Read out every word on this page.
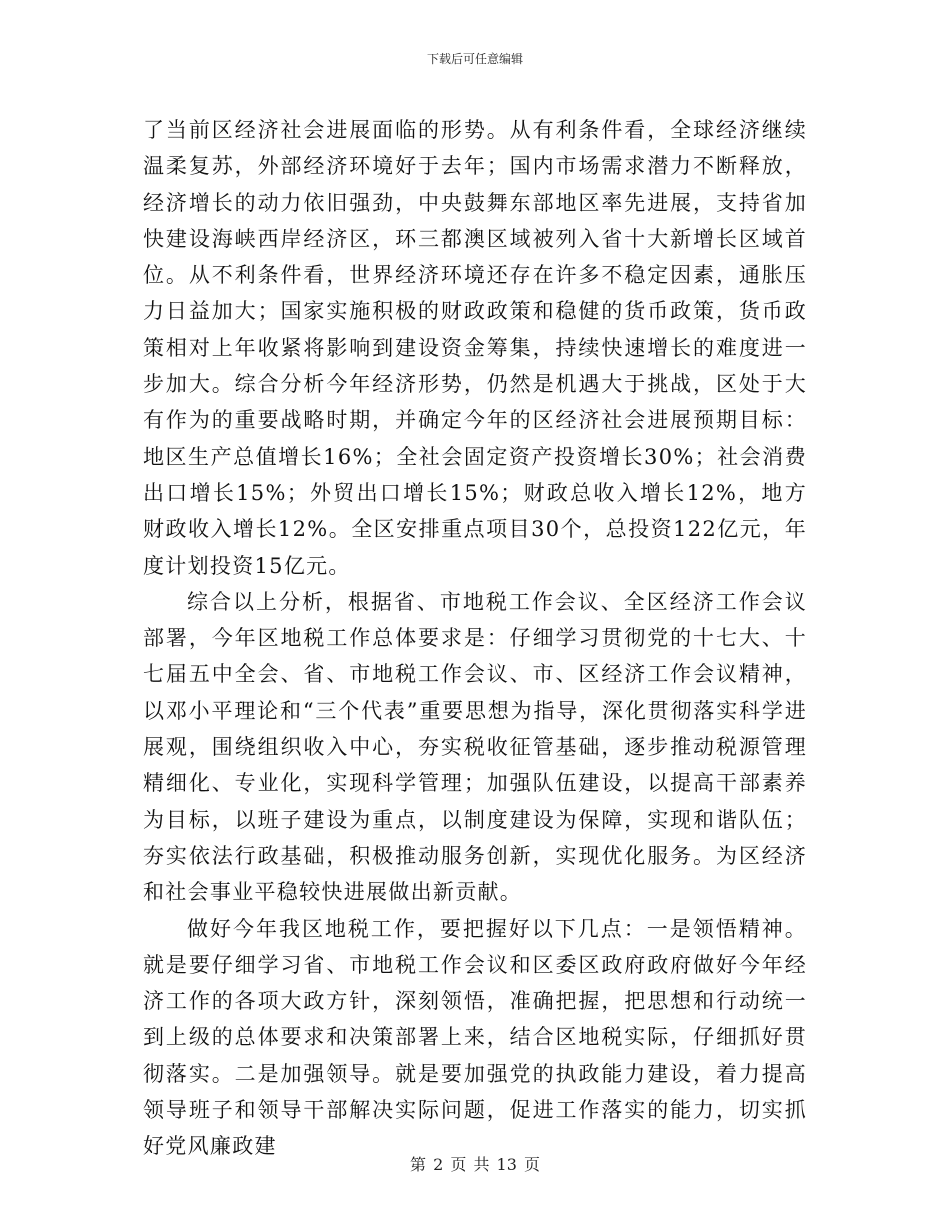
下载后可任意编辑

了当前区经济社会进展面临的形势。从有利条件看，全球经济继续温柔复苏，外部经济环境好于去年；国内市场需求潜力不断释放，经济增长的动力依旧强劲，中央鼓舞东部地区率先进展，支持省加快建设海峡西岸经济区，环三都澳区域被列入省十大新增长区域首位。从不利条件看，世界经济环境还存在许多不稳定因素，通胀压力日益加大；国家实施积极的财政政策和稳健的货币政策，货币政策相对上年收紧将影响到建设资金筹集，持续快速增长的难度进一步加大。综合分析今年经济形势，仍然是机遇大于挑战，区处于大有作为的重要战略时期，并确定今年的区经济社会进展预期目标：地区生产总值增长16%；全社会固定资产投资增长30%；社会消费出口增长15%；外贸出口增长15%；财政总收入增长12%，地方财政收入增长12%。全区安排重点项目30个，总投资122亿元，年度计划投资15亿元。

综合以上分析，根据省、市地税工作会议、全区经济工作会议部署，今年区地税工作总体要求是：仔细学习贯彻党的十七大、十七届五中全会、省、市地税工作会议、市、区经济工作会议精神，以邓小平理论和“三个代表”重要思想为指导，深化贯彻落实科学进展观，围绕组织收入中心，夯实税收征管基础，逐步推动税源管理精细化、专业化，实现科学管理；加强队伍建设，以提高干部素养为目标，以班子建设为重点，以制度建设为保障，实现和谐队伍；夯实依法行政基础，积极推动服务创新，实现优化服务。为区经济和社会事业平稳较快进展做出新贡献。

做好今年我区地税工作，要把握好以下几点：一是领悟精神。就是要仔细学习省、市地税工作会议和区委区政府政府做好今年经济工作的各项大政方针，深刻领悟，准确把握，把思想和行动统一到上级的总体要求和决策部署上来，结合区地税实际，仔细抓好贯彻落实。二是加强领导。就是要加强党的执政能力建设，着力提高领导班子和领导干部解决实际问题，促进工作落实的能力，切实抓好党风廉政建

第 2 页 共 13 页
